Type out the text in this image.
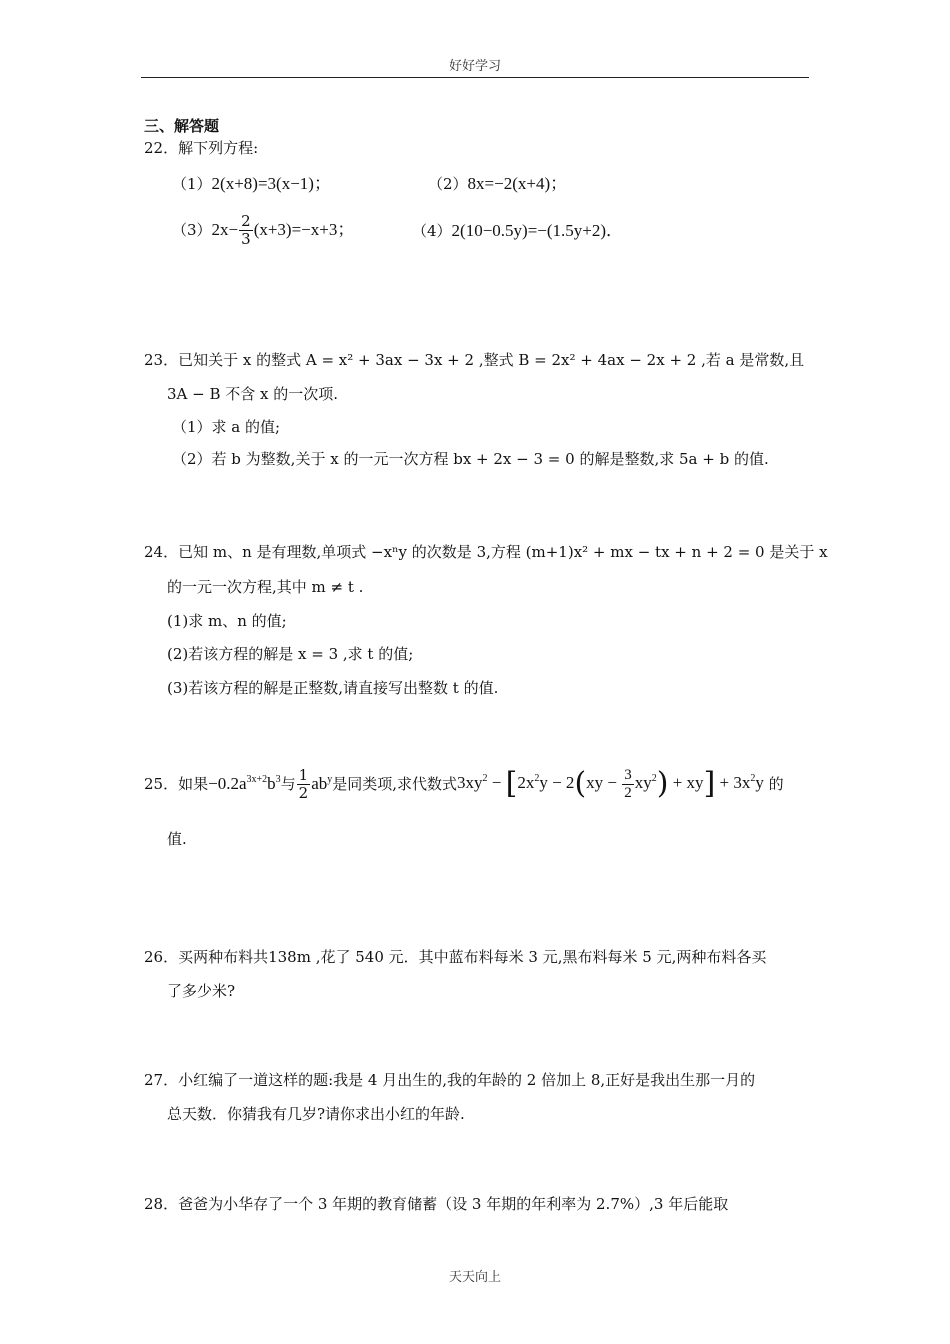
好好学习
三、解答题
22．解下列方程:
（1）2(x+8)=3(x−1)；	（2）8x=−2(x+4)；
$(3)2x- \frac{2}{3} (x+3)=-x+3$；	（4）2(10−0.5y)=−(1.5y+2)．
23．已知关于 x 的整式 A = x² + 3ax − 3x + 2 ,整式 B = 2x² + 4ax − 2x + 2 ,若 a 是常数,且
3A − B 不含 x 的一次项.
（1）求 a 的值;
（2）若 b 为整数,关于 x 的一元一次方程 bx + 2x − 3 = 0 的解是整数,求 5a + b 的值.
24．已知 m、n 是有理数,单项式 −xⁿy 的次数是 3,方程 (m+1)x² + mx − tx + n + 2 = 0 是关于 x
的一元一次方程,其中 m ≠ t .
(1)求 m、n 的值;
(2)若该方程的解是 x = 3 ,求 t 的值;
(3)若该方程的解是正整数,请直接写出整数 t 的值.
25．如果$-0.2a^{3x+2}b^3$与 $\frac{1}{2} ab^y$是同类项,求代数式$3xy^2 - [2x^2y - 2(xy - \frac{3}{2} xy^2) + xy] + 3x^2y$ 的
值.
26．买两种布料共138m ,花了 540 元．其中蓝布料每米 3 元,黑布料每米 5 元,两种布料各买
了多少米?
27．小红编了一道这样的题:我是 4 月出生的,我的年龄的 2 倍加上 8,正好是我出生那一月的
总天数．你猜我有几岁?请你求出小红的年龄.
28．爸爸为小华存了一个 3 年期的教育储蓄（设 3 年期的年利率为 2.7%）,3 年后能取
天天向上
